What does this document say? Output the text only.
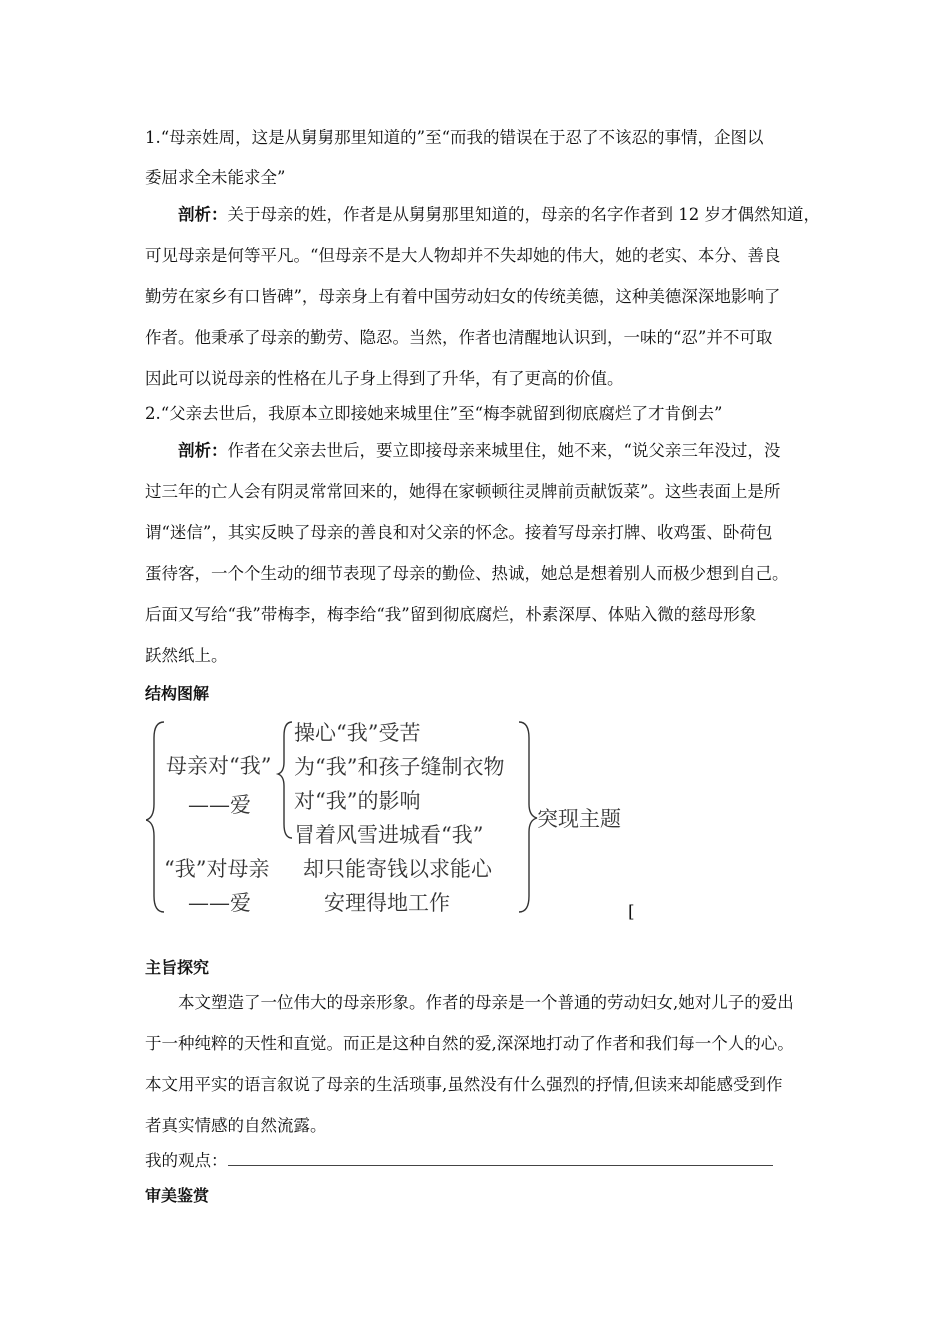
1.“母亲姓周，这是从舅舅那里知道的”至“而我的错误在于忍了不该忍的事情，企图以
委屈求全未能求全”
剖析：关于母亲的姓，作者是从舅舅那里知道的，母亲的名字作者到 12 岁才偶然知道，
可见母亲是何等平凡。“但母亲不是大人物却并不失却她的伟大，她的老实、本分、善良
勤劳在家乡有口皆碑”，母亲身上有着中国劳动妇女的传统美德，这种美德深深地影响了
作者。他秉承了母亲的勤劳、隐忍。当然，作者也清醒地认识到，一味的“忍”并不可取
因此可以说母亲的性格在儿子身上得到了升华，有了更高的价值。
2.“父亲去世后，我原本立即接她来城里住”至“梅李就留到彻底腐烂了才肯倒去”
剖析：作者在父亲去世后，要立即接母亲来城里住，她不来，“说父亲三年没过，没
过三年的亡人会有阴灵常常回来的，她得在家顿顿往灵牌前贡献饭菜”。这些表面上是所
谓“迷信”，其实反映了母亲的善良和对父亲的怀念。接着写母亲打牌、收鸡蛋、卧荷包
蛋待客，一个个生动的细节表现了母亲的勤俭、热诚，她总是想着别人而极少想到自己。
后面又写给“我”带梅李，梅李给“我”留到彻底腐烂，朴素深厚、体贴入微的慈母形象
跃然纸上。
结构图解
母亲对“我”
——爱
操心“我”受苦
为“我”和孩子缝制衣物
对“我”的影响
冒着风雪进城看“我”
“我”对母亲
——爱
却只能寄钱以求能心
安理得地工作
突现主题
[
主旨探究
本文塑造了一位伟大的母亲形象。作者的母亲是一个普通的劳动妇女,她对儿子的爱出
于一种纯粹的天性和直觉。而正是这种自然的爱,深深地打动了作者和我们每一个人的心。
本文用平实的语言叙说了母亲的生活琐事,虽然没有什么强烈的抒情,但读来却能感受到作
者真实情感的自然流露。
我的观点：
审美鉴赏
